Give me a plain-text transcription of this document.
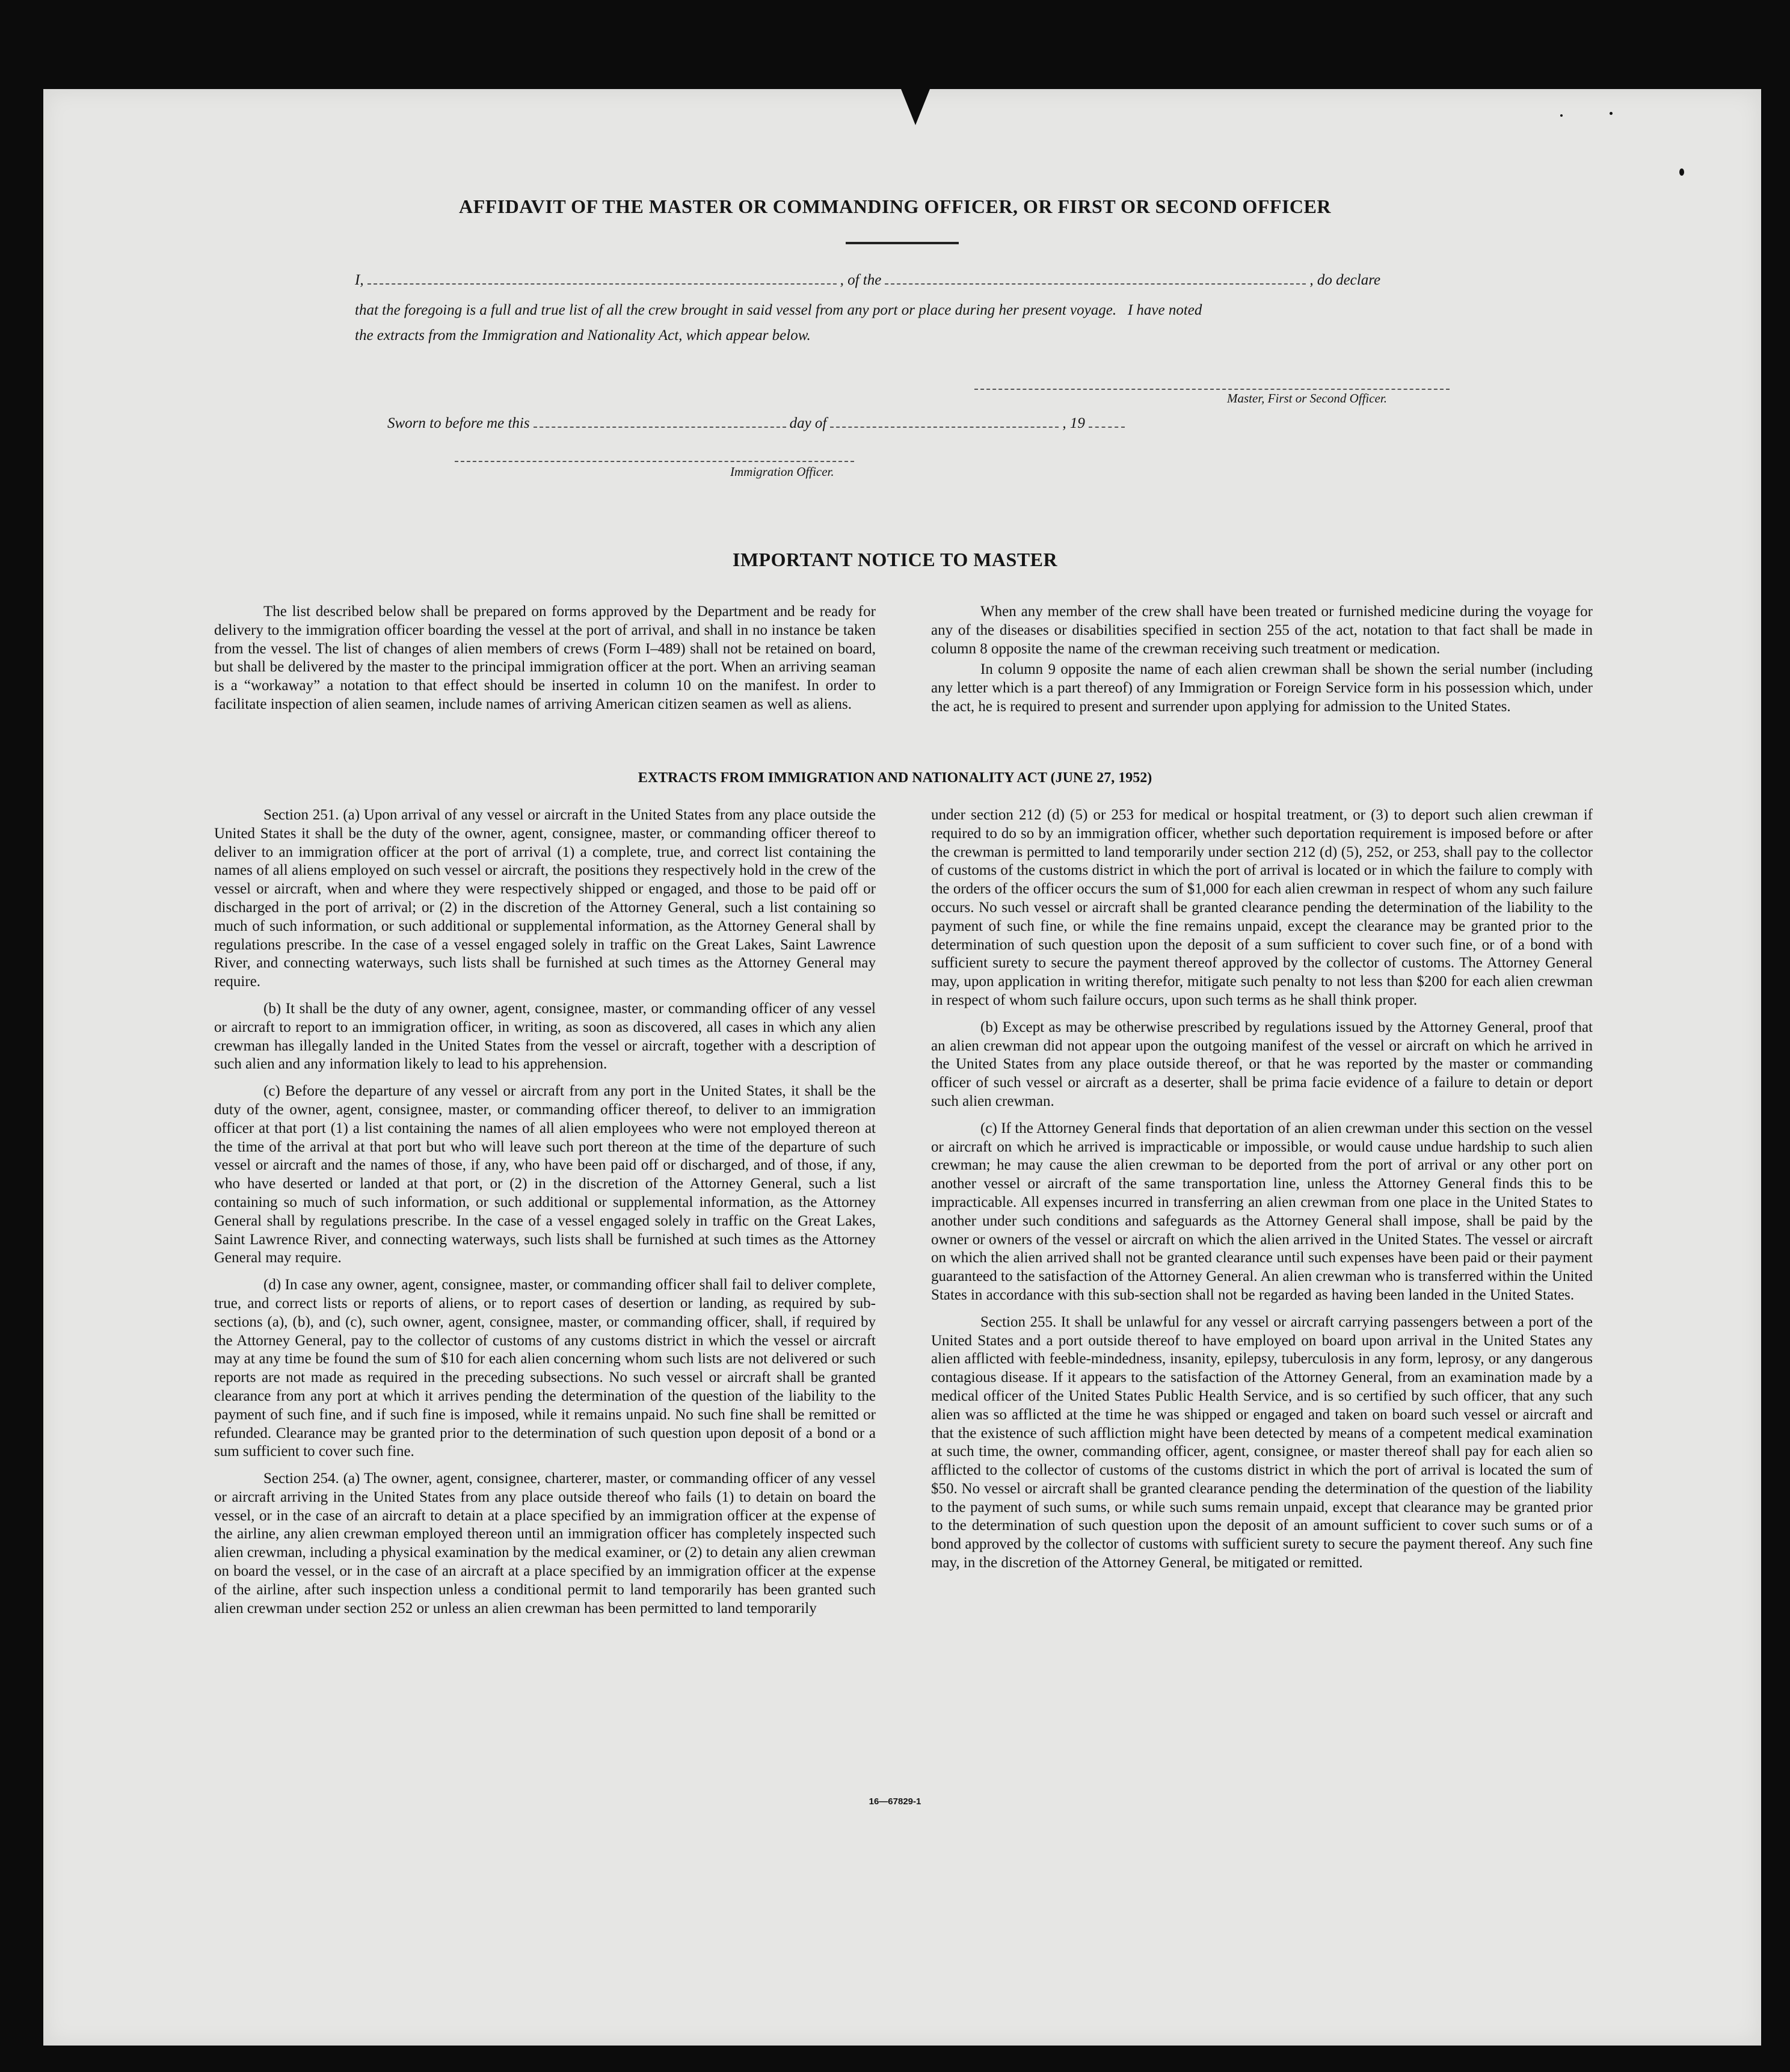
AFFIDAVIT OF THE MASTER OR COMMANDING OFFICER, OR FIRST OR SECOND OFFICER
I,	, of the	, do declare
that the foregoing is a full and true list of all the crew brought in said vessel from any port or place during her present voyage.   I have noted
the extracts from the Immigration and Nationality Act, which appear below.
Master, First or Second Officer.
Sworn to before me this	day of	, 19
Immigration Officer.
IMPORTANT NOTICE TO MASTER

The list described below shall be prepared on forms approved by the Department and be ready for delivery to the immigration officer boarding the vessel at the port of arrival, and shall in no instance be taken from the vessel. The list of changes of alien members of crews (Form I–489) shall not be retained on board, but shall be delivered by the master to the principal immigration officer at the port. When an arriving seaman is a “workaway” a notation to that effect should be inserted in column 10 on the manifest. In order to facilitate inspection of alien seamen, include names of arriving American citizen seamen as well as aliens.

When any member of the crew shall have been treated or furnished medicine during the voyage for any of the diseases or disabilities specified in section 255 of the act, notation to that fact shall be made in column 8 opposite the name of the crewman receiving such treatment or medication.

In column 9 opposite the name of each alien crewman shall be shown the serial number (including any letter which is a part thereof) of any Immigration or Foreign Service form in his possession which, under the act, he is required to present and surrender upon applying for admission to the United States.

EXTRACTS FROM IMMIGRATION AND NATIONALITY ACT (JUNE 27, 1952)

Section 251. (a) Upon arrival of any vessel or aircraft in the United States from any place outside the United States it shall be the duty of the owner, agent, consignee, master, or commanding officer thereof to deliver to an immigration officer at the port of arrival (1) a complete, true, and correct list containing the names of all aliens employed on such vessel or aircraft, the positions they respectively hold in the crew of the vessel or aircraft, when and where they were respectively shipped or engaged, and those to be paid off or discharged in the port of arrival; or (2) in the discretion of the Attorney General, such a list containing so much of such information, or such additional or supplemental information, as the Attorney General shall by regulations prescribe. In the case of a vessel engaged solely in traffic on the Great Lakes, Saint Lawrence River, and connecting waterways, such lists shall be furnished at such times as the Attorney General may require.

(b) It shall be the duty of any owner, agent, consignee, master, or commanding officer of any vessel or aircraft to report to an immigration officer, in writing, as soon as discovered, all cases in which any alien crewman has illegally landed in the United States from the vessel or aircraft, together with a description of such alien and any information likely to lead to his apprehension.

(c) Before the departure of any vessel or aircraft from any port in the United States, it shall be the duty of the owner, agent, consignee, master, or commanding officer thereof, to deliver to an immigration officer at that port (1) a list containing the names of all alien employees who were not employed thereon at the time of the arrival at that port but who will leave such port thereon at the time of the departure of such vessel or aircraft and the names of those, if any, who have been paid off or discharged, and of those, if any, who have deserted or landed at that port, or (2) in the discretion of the Attorney General, such a list containing so much of such information, or such additional or supplemental information, as the Attorney General shall by regulations prescribe. In the case of a vessel engaged solely in traffic on the Great Lakes, Saint Lawrence River, and connecting waterways, such lists shall be furnished at such times as the Attorney General may require.

(d) In case any owner, agent, consignee, master, or commanding officer shall fail to deliver complete, true, and correct lists or reports of aliens, or to report cases of desertion or landing, as required by sub-sections (a), (b), and (c), such owner, agent, consignee, master, or commanding officer, shall, if required by the Attorney General, pay to the collector of customs of any customs district in which the vessel or aircraft may at any time be found the sum of $10 for each alien concerning whom such lists are not delivered or such reports are not made as required in the preceding subsections. No such vessel or aircraft shall be granted clearance from any port at which it arrives pending the determination of the question of the liability to the payment of such fine, and if such fine is imposed, while it remains unpaid. No such fine shall be remitted or refunded. Clearance may be granted prior to the determination of such question upon deposit of a bond or a sum sufficient to cover such fine.

Section 254. (a) The owner, agent, consignee, charterer, master, or commanding officer of any vessel or aircraft arriving in the United States from any place outside thereof who fails (1) to detain on board the vessel, or in the case of an aircraft to detain at a place specified by an immigration officer at the expense of the airline, any alien crewman employed thereon until an immigration officer has completely inspected such alien crewman, including a physical examination by the medical examiner, or (2) to detain any alien crewman on board the vessel, or in the case of an aircraft at a place specified by an immigration officer at the expense of the airline, after such inspection unless a conditional permit to land temporarily has been granted such alien crewman under section 252 or unless an alien crewman has been permitted to land temporarily

under section 212 (d) (5) or 253 for medical or hospital treatment, or (3) to deport such alien crewman if required to do so by an immigration officer, whether such deportation requirement is imposed before or after the crewman is permitted to land temporarily under section 212 (d) (5), 252, or 253, shall pay to the collector of customs of the customs district in which the port of arrival is located or in which the failure to comply with the orders of the officer occurs the sum of $1,000 for each alien crewman in respect of whom any such failure occurs. No such vessel or aircraft shall be granted clearance pending the determination of the liability to the payment of such fine, or while the fine remains unpaid, except the clearance may be granted prior to the determination of such question upon the deposit of a sum sufficient to cover such fine, or of a bond with sufficient surety to secure the payment thereof approved by the collector of customs. The Attorney General may, upon application in writing therefor, mitigate such penalty to not less than $200 for each alien crewman in respect of whom such failure occurs, upon such terms as he shall think proper.

(b) Except as may be otherwise prescribed by regulations issued by the Attorney General, proof that an alien crewman did not appear upon the outgoing manifest of the vessel or aircraft on which he arrived in the United States from any place outside thereof, or that he was reported by the master or commanding officer of such vessel or aircraft as a deserter, shall be prima facie evidence of a failure to detain or deport such alien crewman.

(c) If the Attorney General finds that deportation of an alien crewman under this section on the vessel or aircraft on which he arrived is impracticable or impossible, or would cause undue hardship to such alien crewman; he may cause the alien crewman to be deported from the port of arrival or any other port on another vessel or aircraft of the same transportation line, unless the Attorney General finds this to be impracticable. All expenses incurred in transferring an alien crewman from one place in the United States to another under such conditions and safeguards as the Attorney General shall impose, shall be paid by the owner or owners of the vessel or aircraft on which the alien arrived in the United States. The vessel or aircraft on which the alien arrived shall not be granted clearance until such expenses have been paid or their payment guaranteed to the satisfaction of the Attorney General. An alien crewman who is transferred within the United States in accordance with this sub-section shall not be regarded as having been landed in the United States.

Section 255. It shall be unlawful for any vessel or aircraft carrying passengers between a port of the United States and a port outside thereof to have employed on board upon arrival in the United States any alien afflicted with feeble-mindedness, insanity, epilepsy, tuberculosis in any form, leprosy, or any dangerous contagious disease. If it appears to the satisfaction of the Attorney General, from an examination made by a medical officer of the United States Public Health Service, and is so certified by such officer, that any such alien was so afflicted at the time he was shipped or engaged and taken on board such vessel or aircraft and that the existence of such affliction might have been detected by means of a competent medical examination at such time, the owner, commanding officer, agent, consignee, or master thereof shall pay for each alien so afflicted to the collector of customs of the customs district in which the port of arrival is located the sum of $50. No vessel or aircraft shall be granted clearance pending the determination of the question of the liability to the payment of such sums, or while such sums remain unpaid, except that clearance may be granted prior to the determination of such question upon the deposit of an amount sufficient to cover such sums or of a bond approved by the collector of customs with sufficient surety to secure the payment thereof. Any such fine may, in the discretion of the Attorney General, be mitigated or remitted.

16—67829-1
